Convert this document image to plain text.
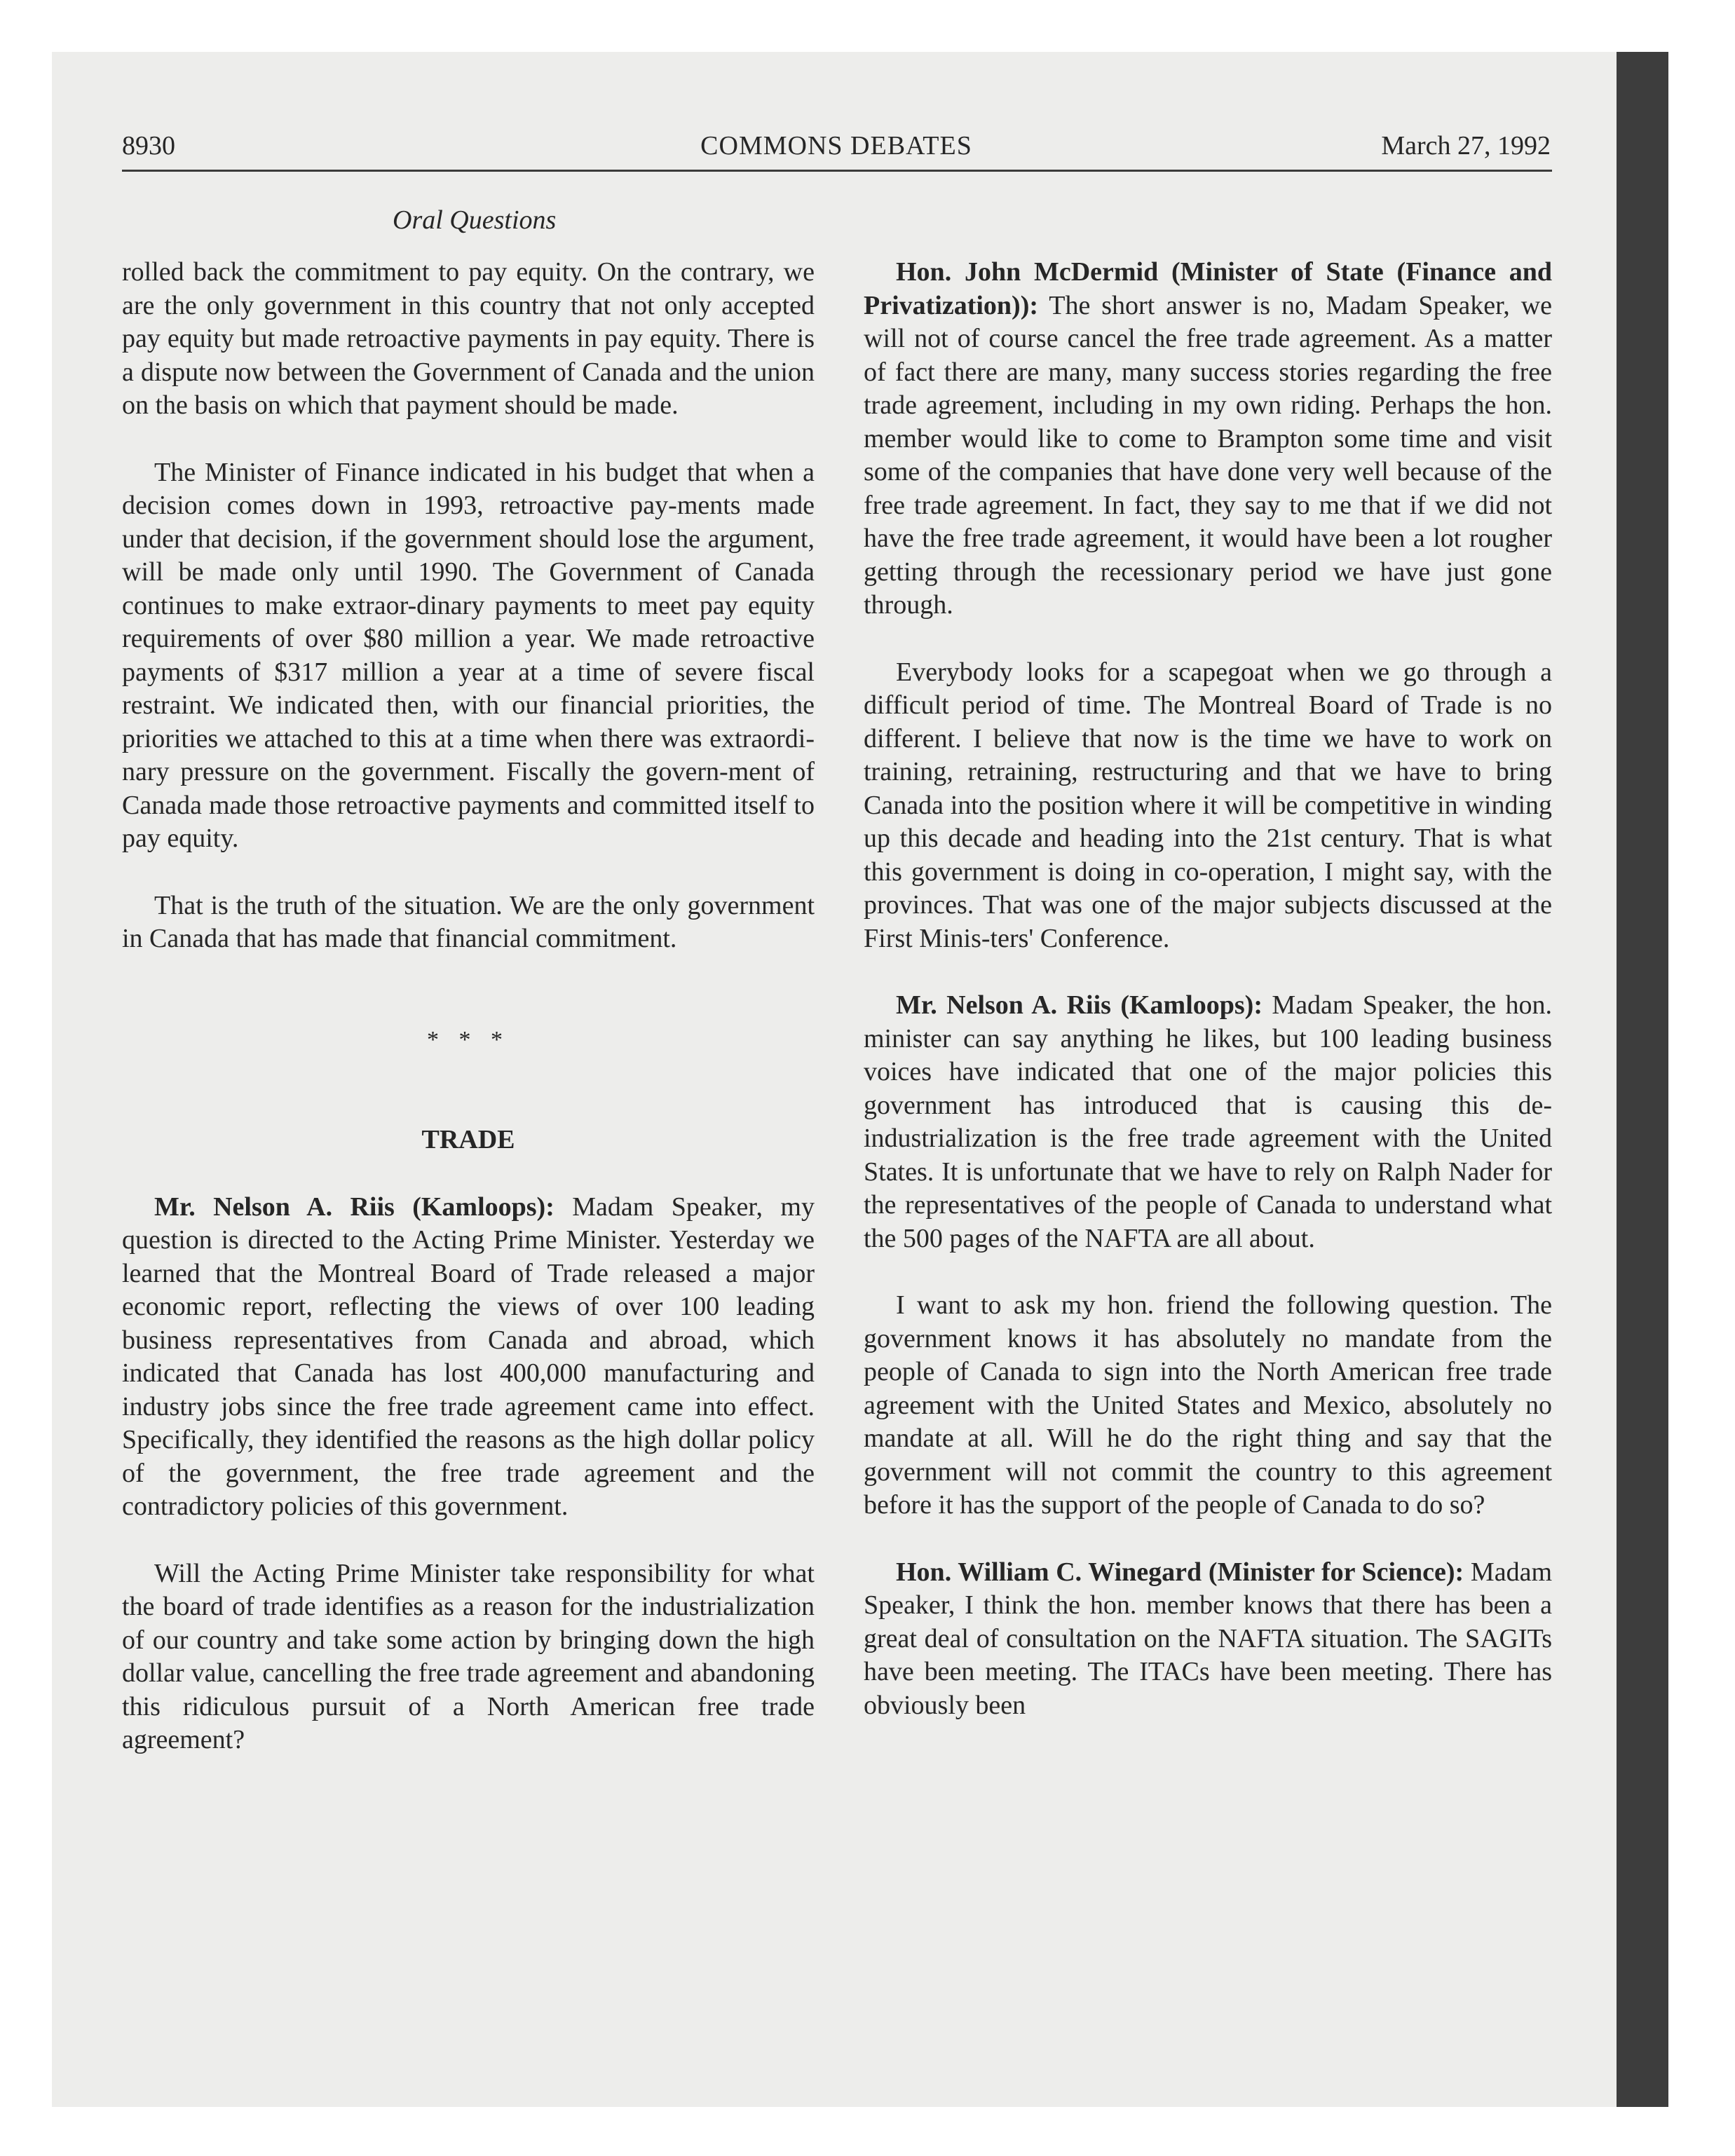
8930	COMMONS DEBATES	March 27, 1992
Oral Questions

rolled back the commitment to pay equity. On the contrary, we are the only government in this country that not only accepted pay equity but made retroactive payments in pay equity. There is a dispute now between the Government of Canada and the union on the basis on which that payment should be made.

The Minister of Finance indicated in his budget that when a decision comes down in 1993, retroactive pay-ments made under that decision, if the government should lose the argument, will be made only until 1990. The Government of Canada continues to make extraor-dinary payments to meet pay equity requirements of over $80 million a year. We made retroactive payments of $317 million a year at a time of severe fiscal restraint. We indicated then, with our financial priorities, the priorities we attached to this at a time when there was extraordi-nary pressure on the government. Fiscally the govern-ment of Canada made those retroactive payments and committed itself to pay equity.

That is the truth of the situation. We are the only government in Canada that has made that financial commitment.

* * *
TRADE

Mr. Nelson A. Riis (Kamloops): Madam Speaker, my question is directed to the Acting Prime Minister. Yesterday we learned that the Montreal Board of Trade released a major economic report, reflecting the views of over 100 leading business representatives from Canada and abroad, which indicated that Canada has lost 400,000 manufacturing and industry jobs since the free trade agreement came into effect. Specifically, they identified the reasons as the high dollar policy of the government, the free trade agreement and the contradictory policies of this government.

Will the Acting Prime Minister take responsibility for what the board of trade identifies as a reason for the industrialization of our country and take some action by bringing down the high dollar value, cancelling the free trade agreement and abandoning this ridiculous pursuit of a North American free trade agreement?

Hon. John McDermid (Minister of State (Finance and Privatization)): The short answer is no, Madam Speaker, we will not of course cancel the free trade agreement. As a matter of fact there are many, many success stories regarding the free trade agreement, including in my own riding. Perhaps the hon. member would like to come to Brampton some time and visit some of the companies that have done very well because of the free trade agreement. In fact, they say to me that if we did not have the free trade agreement, it would have been a lot rougher getting through the recessionary period we have just gone through.

Everybody looks for a scapegoat when we go through a difficult period of time. The Montreal Board of Trade is no different. I believe that now is the time we have to work on training, retraining, restructuring and that we have to bring Canada into the position where it will be competitive in winding up this decade and heading into the 21st century. That is what this government is doing in co-operation, I might say, with the provinces. That was one of the major subjects discussed at the First Minis-ters' Conference.

Mr. Nelson A. Riis (Kamloops): Madam Speaker, the hon. minister can say anything he likes, but 100 leading business voices have indicated that one of the major policies this government has introduced that is causing this de-industrialization is the free trade agreement with the United States. It is unfortunate that we have to rely on Ralph Nader for the representatives of the people of Canada to understand what the 500 pages of the NAFTA are all about.

I want to ask my hon. friend the following question. The government knows it has absolutely no mandate from the people of Canada to sign into the North American free trade agreement with the United States and Mexico, absolutely no mandate at all. Will he do the right thing and say that the government will not commit the country to this agreement before it has the support of the people of Canada to do so?

Hon. William C. Winegard (Minister for Science): Madam Speaker, I think the hon. member knows that there has been a great deal of consultation on the NAFTA situation. The SAGITs have been meeting. The ITACs have been meeting. There has obviously been
